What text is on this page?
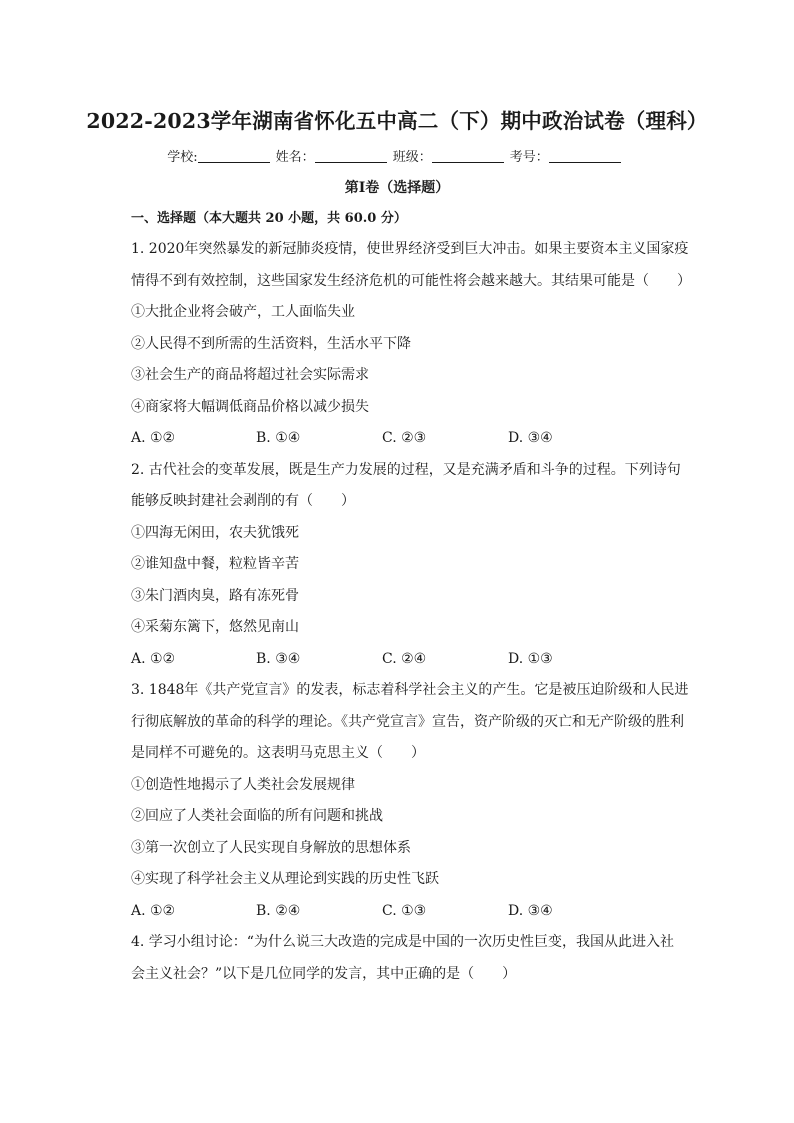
2022-2023学年湖南省怀化五中高二（下）期中政治试卷（理科）
学校:	姓名：	班级：	考号：
第I卷（选择题）
一、选择题（本大题共 20 小题，共 60.0 分）
1. 2020年突然暴发的新冠肺炎疫情，使世界经济受到巨大冲击。如果主要资本主义国家疫
情得不到有效控制，这些国家发生经济危机的可能性将会越来越大。其结果可能是（　　）
①大批企业将会破产，工人面临失业
②人民得不到所需的生活资料，生活水平下降
③社会生产的商品将超过社会实际需求
④商家将大幅调低商品价格以减少损失
A. ①②	B. ①④	C. ②③	D. ③④
2. 古代社会的变革发展，既是生产力发展的过程，又是充满矛盾和斗争的过程。下列诗句
能够反映封建社会剥削的有（　　）
①四海无闲田，农夫犹饿死
②谁知盘中餐，粒粒皆辛苦
③朱门酒肉臭，路有冻死骨
④采菊东篱下，悠然见南山
A. ①②	B. ③④	C. ②④	D. ①③
3. 1848年《共产党宣言》的发表，标志着科学社会主义的产生。它是被压迫阶级和人民进
行彻底解放的革命的科学的理论。《共产党宣言》宣告，资产阶级的灭亡和无产阶级的胜利
是同样不可避免的。这表明马克思主义（　　）
①创造性地揭示了人类社会发展规律
②回应了人类社会面临的所有问题和挑战
③第一次创立了人民实现自身解放的思想体系
④实现了科学社会主义从理论到实践的历史性飞跃
A. ①②	B. ②④	C. ①③	D. ③④
4. 学习小组讨论：“为什么说三大改造的完成是中国的一次历史性巨变，我国从此进入社
会主义社会？”以下是几位同学的发言，其中正确的是（　　）
